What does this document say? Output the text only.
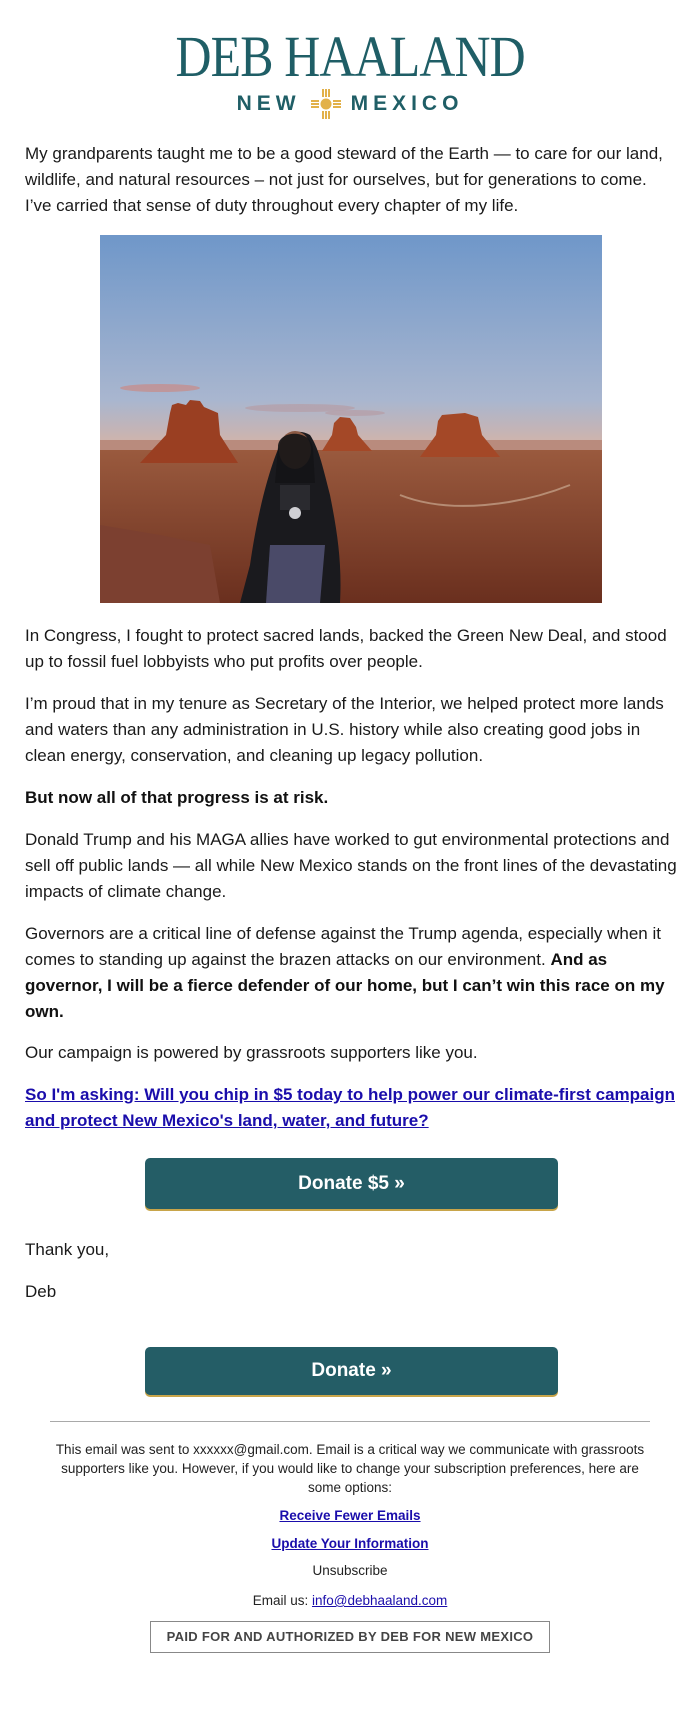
DEB HAALAND
NEW MEXICO

My grandparents taught me to be a good steward of the Earth — to care for our land, wildlife, and natural resources – not just for ourselves, but for generations to come. I’ve carried that sense of duty throughout every chapter of my life.

In Congress, I fought to protect sacred lands, backed the Green New Deal, and stood up to fossil fuel lobbyists who put profits over people.

I’m proud that in my tenure as Secretary of the Interior, we helped protect more lands and waters than any administration in U.S. history while also creating good jobs in clean energy, conservation, and cleaning up legacy pollution.

But now all of that progress is at risk.

Donald Trump and his MAGA allies have worked to gut environmental protections and sell off public lands — all while New Mexico stands on the front lines of the devastating impacts of climate change.

Governors are a critical line of defense against the Trump agenda, especially when it comes to standing up against the brazen attacks on our environment. And as governor, I will be a fierce defender of our home, but I can’t win this race on my own.

Our campaign is powered by grassroots supporters like you.

So I'm asking: Will you chip in $5 today to help power our climate-first campaign and protect New Mexico's land, water, and future?

Donate $5 »

Thank you,

Deb

Donate »
This email was sent to xxxxxx@gmail.com. Email is a critical way we communicate with grassroots supporters like you. However, if you would like to change your subscription preferences, here are some options:
Receive Fewer Emails
Update Your Information
Unsubscribe
Email us: info@debhaaland.com
PAID FOR AND AUTHORIZED BY DEB FOR NEW MEXICO
